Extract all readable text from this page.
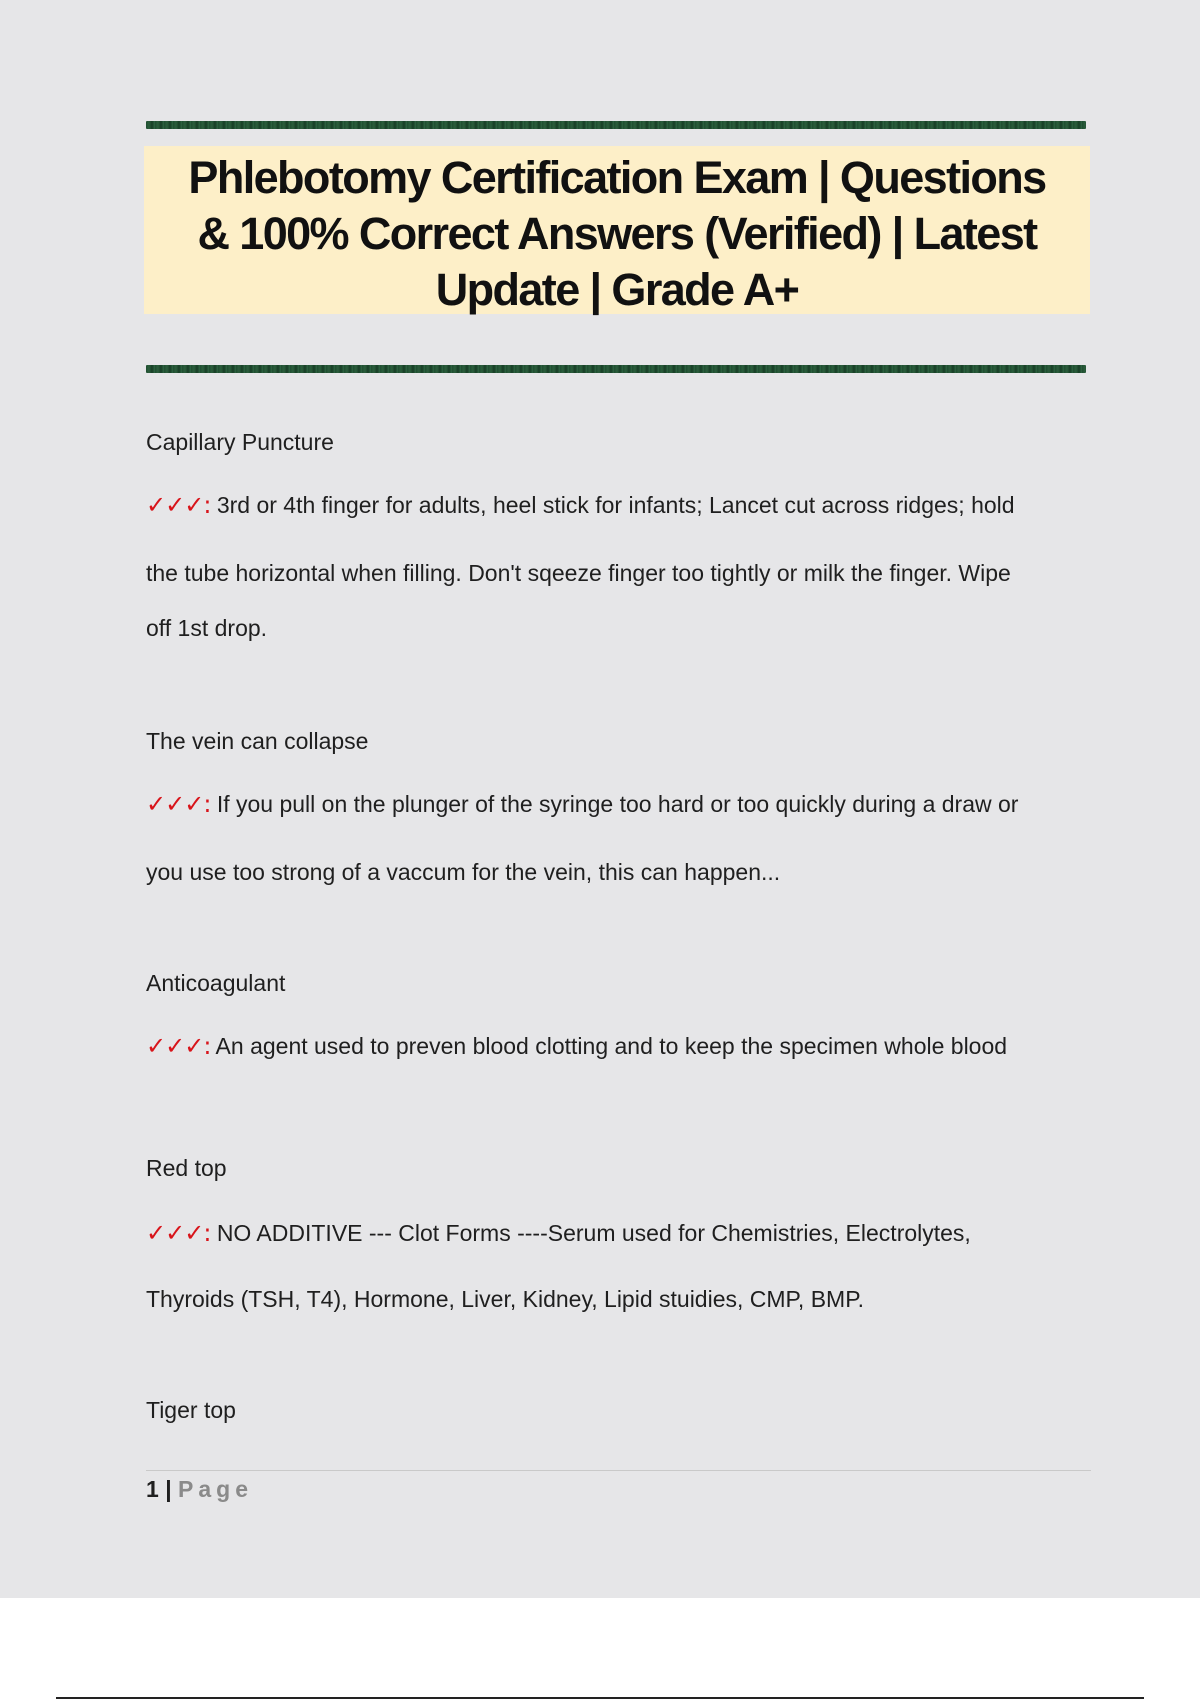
Phlebotomy Certification Exam | Questions
& 100% Correct Answers (Verified) | Latest
Update | Grade A+
Capillary Puncture
✓✓✓: 3rd or 4th finger for adults, heel stick for infants; Lancet cut across ridges; hold
the tube horizontal when filling. Don't sqeeze finger too tightly or milk the finger. Wipe
off 1st drop.
The vein can collapse
✓✓✓: If you pull on the plunger of the syringe too hard or too quickly during a draw or
you use too strong of a vaccum for the vein, this can happen...
Anticoagulant
✓✓✓: An agent used to preven blood clotting and to keep the specimen whole blood
Red top
✓✓✓: NO ADDITIVE --- Clot Forms ----Serum used for Chemistries, Electrolytes,
Thyroids (TSH, T4), Hormone, Liver, Kidney, Lipid stuidies, CMP, BMP.
Tiger top
1 | Page
